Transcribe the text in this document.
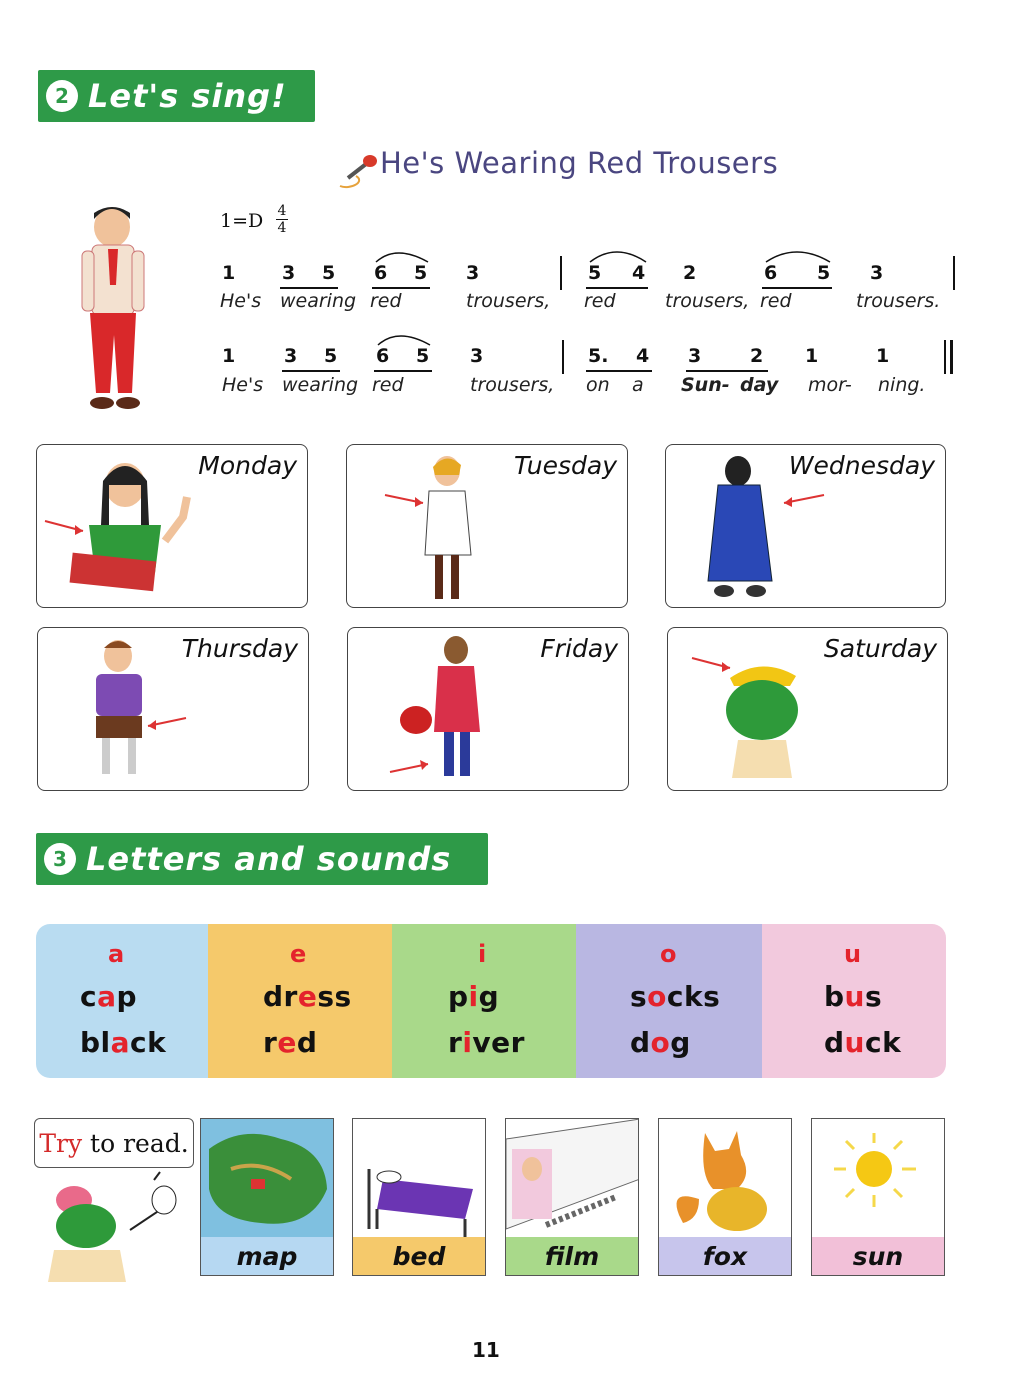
2 Let's sing!
He's Wearing Red Trousers
1=D 4
4
1 3 5 6 5 3	5 4 2	6 5 3
He's wearing red	trousers, red	trousers, red	trousers.
1	3 5 6 5 3	5. 4 3	2 1	1
He's wearing red	trousers, on a Sun- day mor- ning.
Monday	Tuesday	Wednesday
Thursday	Friday	Saturday
3 Letters and sounds
a
cap
black
e
dress
red
i
pig
river
o
socks
dog
u
bus
duck
Try to read.
map	bed	film	fox	sun
11
